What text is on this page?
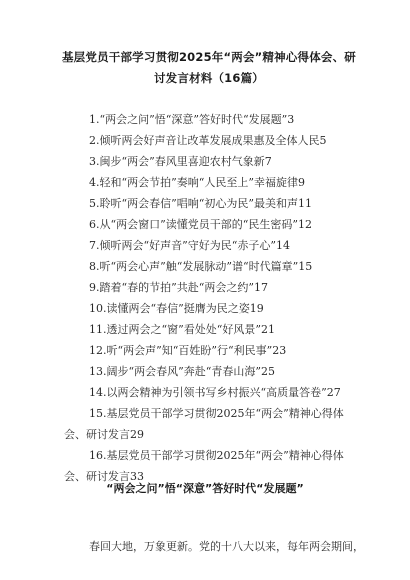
基层党员干部学习贯彻2025年“两会”精神心得体会、研
讨发言材料（16篇）
1.“两会之问”悟“深意”答好时代“发展题”3
2.倾听两会好声音让改革发展成果惠及全体人民5
3.闽步“两会”春风里喜迎农村气象新7
4.轻和“两会节拍”奏响“人民至上”幸福旋律9
5.聆听“两会春信”唱响“初心为民”最美和声11
6.从“两会窗口”读懂党员干部的“民生密码”12
7.倾听两会“好声音”守好为民“赤子心”14
8.听“两会心声”触“发展脉动”谱“时代篇章”15
9.踏着“春的节拍”共赴“两会之约”17
10.读懂两会“春信”挺膺为民之姿19
11.透过两会之“窗”看处处“好风景”21
12.听“两会声”知“百姓盼”行“利民事”23
13.阔步“两会春风”奔赴“青春山海”25
14.以两会精神为引领书写乡村振兴“高质量答卷”27
15.基层党员干部学习贯彻2025年“两会”精神心得体
会、研讨发言29
16.基层党员干部学习贯彻2025年“两会”精神心得体
会、研讨发言33
“两会之问”悟“深意”答好时代“发展题”
春回大地，万象更新。党的十八大以来，每年两会期间，
